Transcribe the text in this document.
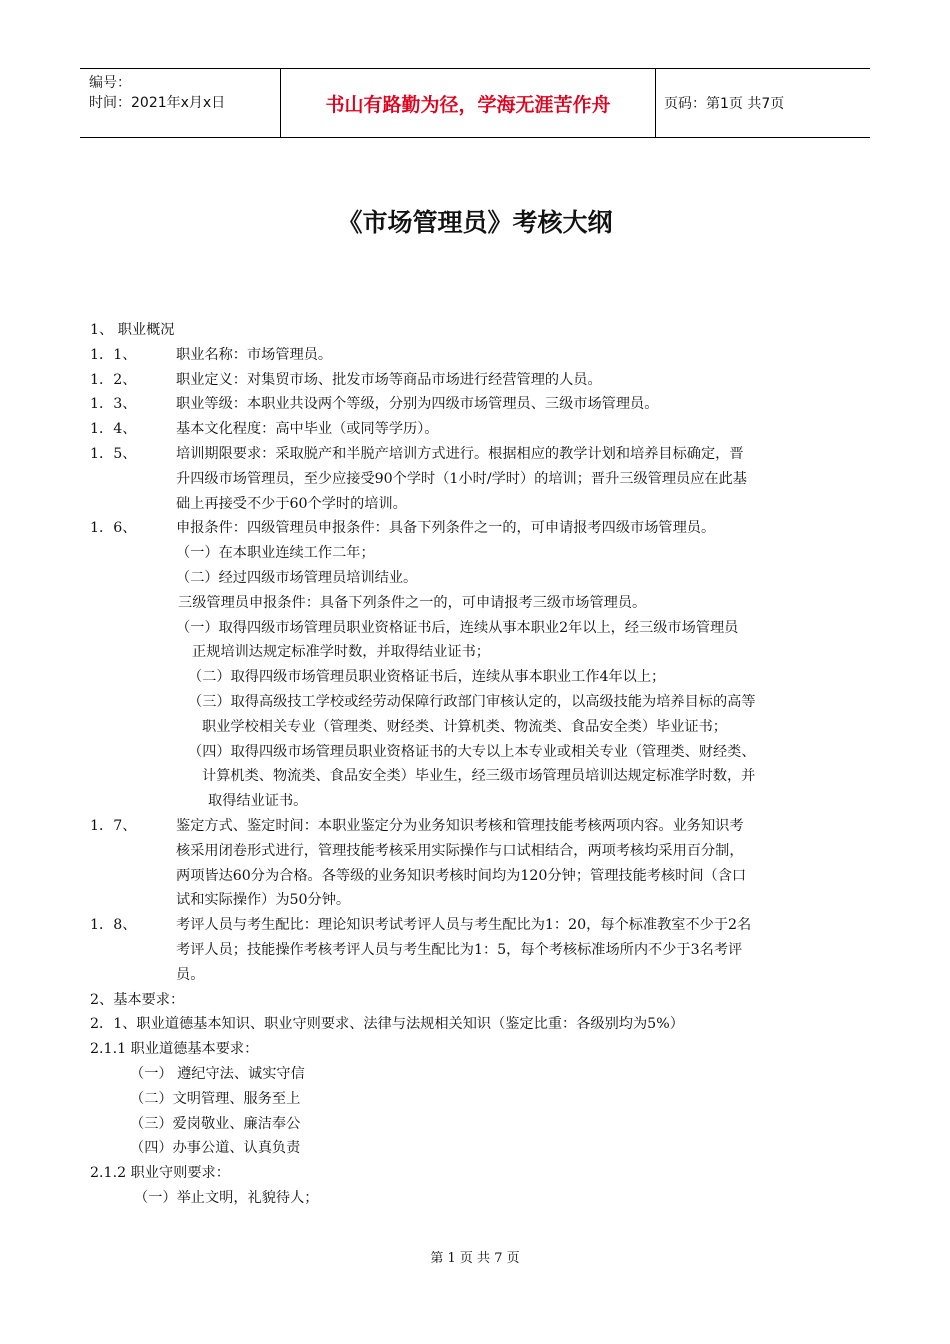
编号：
时间：2021年x月x日	书山有路勤为径，学海无涯苦作舟	页码：第1页 共7页
《市场管理员》考核大纲
1、 职业概况
1．1、	职业名称：市场管理员。
1．2、	职业定义：对集贸市场、批发市场等商品市场进行经营管理的人员。
1．3、	职业等级：本职业共设两个等级，分别为四级市场管理员、三级市场管理员。
1．4、	基本文化程度：高中毕业（或同等学历）。
1．5、	培训期限要求：采取脱产和半脱产培训方式进行。根据相应的教学计划和培养目标确定，晋
升四级市场管理员，至少应接受90个学时（1小时/学时）的培训；晋升三级管理员应在此基
础上再接受不少于60个学时的培训。
1．6、	申报条件：四级管理员申报条件：具备下列条件之一的，可申请报考四级市场管理员。
（一）在本职业连续工作二年；
（二）经过四级市场管理员培训结业。
三级管理员申报条件：具备下列条件之一的，可申请报考三级市场管理员。
（一）取得四级市场管理员职业资格证书后，连续从事本职业2年以上，经三级市场管理员
正规培训达规定标准学时数，并取得结业证书；
（二）取得四级市场管理员职业资格证书后，连续从事本职业工作4年以上；
（三）取得高级技工学校或经劳动保障行政部门审核认定的，以高级技能为培养目标的高等
职业学校相关专业（管理类、财经类、计算机类、物流类、食品安全类）毕业证书；
（四）取得四级市场管理员职业资格证书的大专以上本专业或相关专业（管理类、财经类、
计算机类、物流类、食品安全类）毕业生，经三级市场管理员培训达规定标准学时数，并
取得结业证书。
1．7、	鉴定方式、鉴定时间：本职业鉴定分为业务知识考核和管理技能考核两项内容。业务知识考
核采用闭卷形式进行，管理技能考核采用实际操作与口试相结合，两项考核均采用百分制，
两项皆达60分为合格。各等级的业务知识考核时间均为120分钟；管理技能考核时间（含口
试和实际操作）为50分钟。
1．8、	考评人员与考生配比：理论知识考试考评人员与考生配比为1：20，每个标准教室不少于2名
考评人员；技能操作考核考评人员与考生配比为1：5，每个考核标准场所内不少于3名考评
员。
2、基本要求：
2．1、职业道德基本知识、职业守则要求、法律与法规相关知识（鉴定比重：各级别均为5%）
2.1.1 职业道德基本要求：
（一） 遵纪守法、诚实守信
（二）文明管理、服务至上
（三）爱岗敬业、廉洁奉公
（四）办事公道、认真负责
2.1.2 职业守则要求：
（一）举止文明，礼貌待人；
第 1 页 共 7 页
